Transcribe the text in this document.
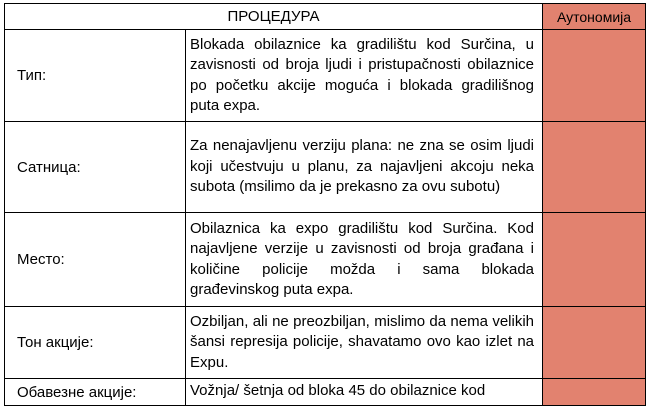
ПРОЦЕДУРА		Аутономија
Тип:	Blokada obilaznice ka gradilištu kod Surčina, u zavisnosti od broja ljudi i pristupačnosti obilaznice po početku akcije moguća i blokada gradilišnog puta expa.	
Сатница:	Za nenajavljenu verziju plana: ne zna se osim ljudi koji učestvuju u planu, za najavljeni akcoju neka subota (msilimo da je prekasno za ovu subotu)	
Место:	Obilaznica ka expo gradilištu kod Surčina. Kod najavljene verzije u zavisnosti od broja građana i količine policije možda i sama blokada građevinskog puta expa.	
Тон акције:	Ozbiljan, ali ne preozbiljan, mislimo da nema velikih šansi represija policije, shavatamo ovo kao izlet na Expu.	
Обавезне акције:	Vožnja/ šetnja od bloka 45 do obilaznice kod	
